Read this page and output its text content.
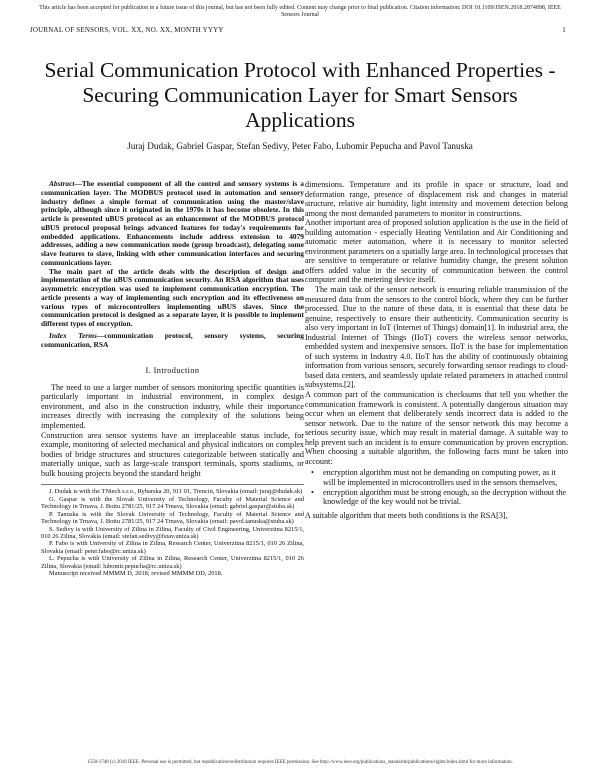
This article has been accepted for publication in a future issue of this journal, but has not been fully edited. Content may change prior to final publication. Citation information: DOI 10.1109/JSEN.2018.2874898, IEEE Sensors Journal
JOURNAL OF SENSORS, VOL. XX, NO. XX, MONTH YYYY	1
Serial Communication Protocol with Enhanced Properties - Securing Communication Layer for Smart Sensors Applications
Juraj Dudak, Gabriel Gaspar, Stefan Sedivy, Peter Fabo, Lubomir Pepucha and Pavol Tanuska

Abstract—The essential component of all the control and sensory systems is a communication layer. The MODBUS protocol used in automation and sensory industry defines a simple format of communication using the master/slave principle, although since it originated in the 1970s it has become obsolete. In this article is presented uBUS protocol as an enhancement of the MODBUS protocol uBUS protocol proposal brings advanced features for today's requirements for embedded applications. Enhancements include address extension to 4079 addresses, adding a new communication mode (group broadcast), delegating some slave features to slave, linking with other communication interfaces and securing communications layer.

The main part of the article deals with the description of design and implementation of the uBUS communication security. An RSA algorithm that uses asymmetric encryption was used to implement communication encryption. The article presents a way of implementing such encryption and its effectiveness on various types of microcontrollers implementing uBUS slaves. Since the communication protocol is designed as a separate layer, it is possible to implement different types of encryption.

Index Terms—communication protocol, sensory systems, securing communication, RSA

I. Introduction

The need to use a larger number of sensors monitoring specific quantities is particularly important in industrial environment, in complex design environment, and also in the construction industry, while their importance increases directly with increasing the complexity of the solutions being implemented.

Construction area sensor systems have an irreplaceable status include, for example, monitoring of selected mechanical and physical indicators on complex bodies of bridge structures and structures categorizable between statically and materially unique, such as large-scale transport terminals, sports stadiums, or bulk housing projects beyond the standard height

J. Dudak is with the TNtech s.r.o., Rybarska 20, 911 01, Trencin, Slovakia (email: juraj@dudak.sk)

G. Gaspar is with the Slovak University of Technology, Faculty of Material Science and Technology in Trnava, J. Bottu 2781/25, 917 24 Trnava, Slovakia (email: gabriel.gaspar@stuba.sk)

P. Tanuska is with the Slovak University of Technology, Faculty of Material Science and Technology in Trnava, J. Bottu 2781/25, 917 24 Trnava, Slovakia (email: pavol.tanuska@stuba.sk)

S. Sedivy is with University of Zilina in Zilina, Faculty of Civil Engineering, Univerzitna 8215/1, 010 26 Zilina, Slovakia (email: stefan.sedivy@fstav.uniza.sk)

P. Fabo is with University of Zilina in Zilina, Research Center, Univerzitna 8215/1, 010 26 Zilina, Slovakia (email: peter.fabo@rc.uniza.sk)

L. Pepucha is with University of Zilina in Zilina, Research Center, Univerzitna 8215/1, 010 26 Zilina, Slovakia (email: lubomir.pepucha@rc.uniza.sk)

Manuscript received MMMM D, 2018; revised MMMM DD, 2018.

dimensions. Temperature and its profile in space or structure, load and deformation range, presence of displacement risk and changes in material structure, relative air humidity, light intensity and movement detection belong among the most demanded parameters to monitor in constructions.

Another important area of proposed solution application is the use in the field of building automation - especially Heating Ventilation and Air Conditioning and automatic meter automation, where it is necessary to monitor selected environment parameters on a spatially large area. In technological processes that are sensitive to temperature or relative humidity change, the present solution offers added value in the security of communication between the control computer and the metering device itself.

The main task of the sensor network is ensuring reliable transmission of the measured data from the sensors to the control block, where they can be further processed. Due to the nature of these data, it is essential that these data be genuine, respectively to ensure their authenticity. Communication security is also very important in IoT (Internet of Things) domain[1]. In industrial area, the Industrial Internet of Things (IIoT) covers the wireless sensor networks, embedded system and inexpensive sensors. IIoT is the base for implementation of such systems in Industry 4.0. IIoT has the ability of continuously obtaining information from various sensors, securely forwarding sensor readings to cloud-based data centers, and seamlessly update related parameters in attached control subsystems.[2].

A common part of the communication is checksums that tell you whether the communication framework is consistent. A potentially dangerous situation may occur when an element that deliberately sends incorrect data is added to the sensor network. Due to the nature of the sensor network this may become a serious security issue, which may result in material damage. A suitable way to help prevent such an incident is to ensure communication by proven encryption. When choosing a suitable algorithm, the following facts must be taken into account:

• encryption algorithm must not be demanding on computing power, as it will be implemented in microcontrollers used in the sensors themselves,
• encryption algorithm must be strong enough, so the decryption without the knowledge of the key would not be trivial.

A suitable algorithm that meets both conditions is the RSA[3],

1558-1748 (c) 2018 IEEE. Personal use is permitted, but republication/redistribution requires IEEE permission. See http://www.ieee.org/publications_standards/publications/rights/index.html for more information.
